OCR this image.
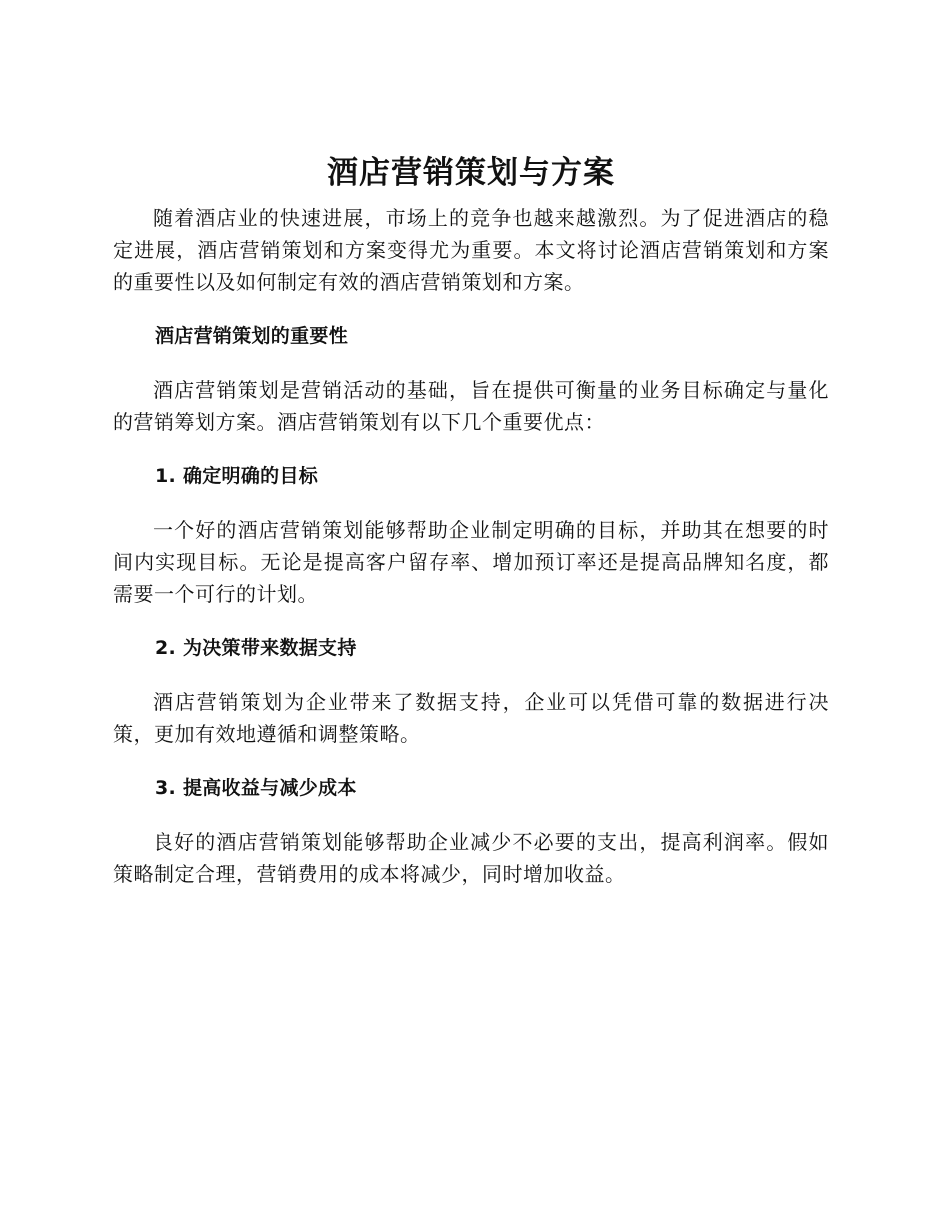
酒店营销策划与方案

随着酒店业的快速进展，市场上的竞争也越来越激烈。为了促进酒店的稳定进展，酒店营销策划和方案变得尤为重要。本文将讨论酒店营销策划和方案的重要性以及如何制定有效的酒店营销策划和方案。

酒店营销策划的重要性

酒店营销策划是营销活动的基础，旨在提供可衡量的业务目标确定与量化的营销筹划方案。酒店营销策划有以下几个重要优点：

1. 确定明确的目标

一个好的酒店营销策划能够帮助企业制定明确的目标，并助其在想要的时间内实现目标。无论是提高客户留存率、增加预订率还是提高品牌知名度，都需要一个可行的计划。

2. 为决策带来数据支持

酒店营销策划为企业带来了数据支持，企业可以凭借可靠的数据进行决策，更加有效地遵循和调整策略。

3. 提高收益与减少成本

良好的酒店营销策划能够帮助企业减少不必要的支出，提高利润率。假如策略制定合理，营销费用的成本将减少，同时增加收益。
